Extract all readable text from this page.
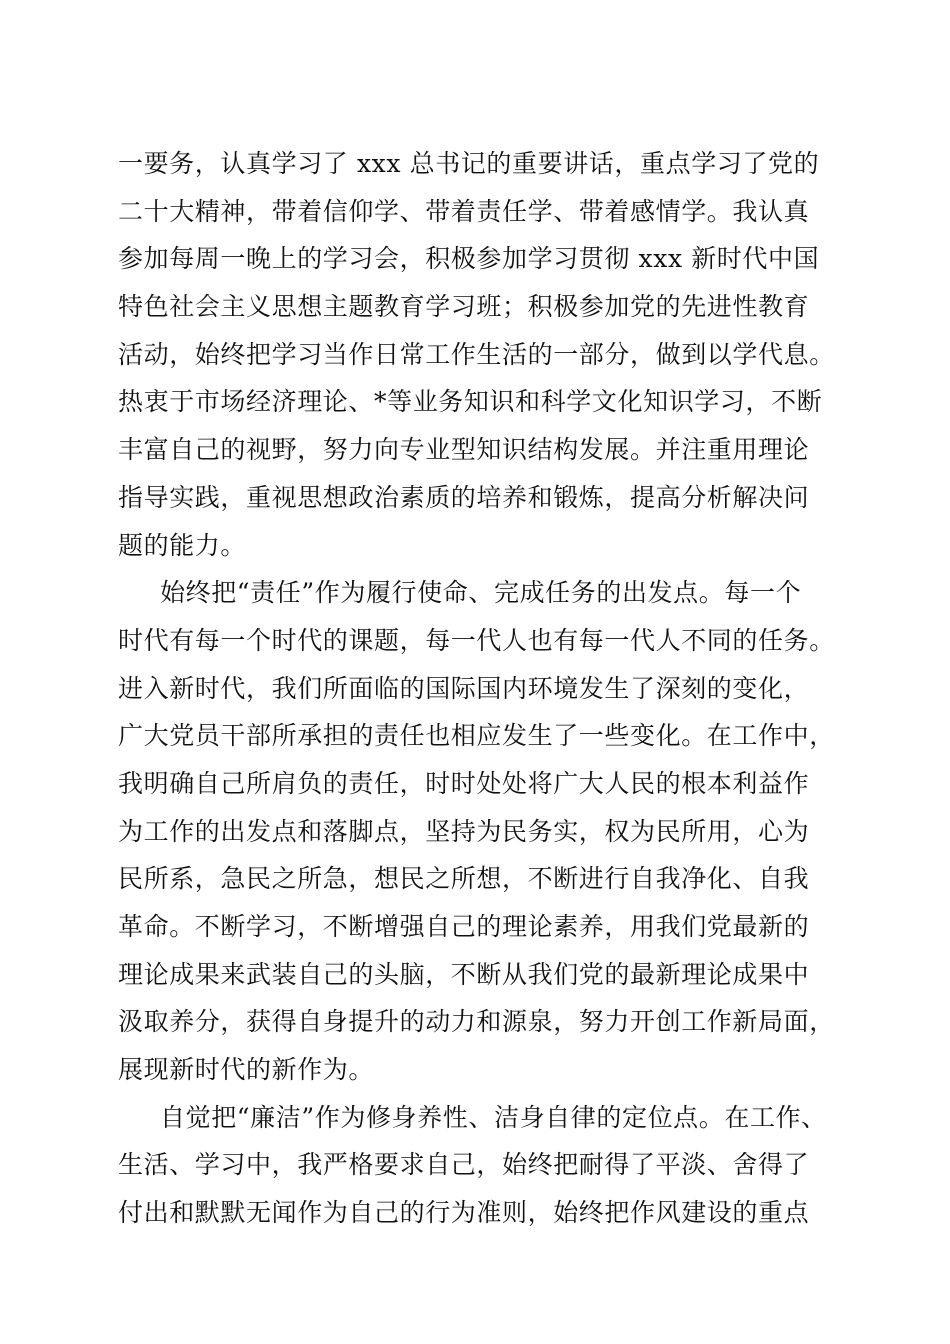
一要务，认真学习了 xxx 总书记的重要讲话，重点学习了党的
二十大精神，带着信仰学、带着责任学、带着感情学。我认真
参加每周一晚上的学习会，积极参加学习贯彻 xxx 新时代中国
特色社会主义思想主题教育学习班；积极参加党的先进性教育
活动，始终把学习当作日常工作生活的一部分，做到以学代息。
热衷于市场经济理论、*等业务知识和科学文化知识学习，不断
丰富自己的视野，努力向专业型知识结构发展。并注重用理论
指导实践，重视思想政治素质的培养和锻炼，提高分析解决问
题的能力。
始终把“责任”作为履行使命、完成任务的出发点。每一个
时代有每一个时代的课题，每一代人也有每一代人不同的任务。
进入新时代，我们所面临的国际国内环境发生了深刻的变化，
广大党员干部所承担的责任也相应发生了一些变化。在工作中，
我明确自己所肩负的责任，时时处处将广大人民的根本利益作
为工作的出发点和落脚点，坚持为民务实，权为民所用，心为
民所系，急民之所急，想民之所想，不断进行自我净化、自我
革命。不断学习，不断增强自己的理论素养，用我们党最新的
理论成果来武装自己的头脑，不断从我们党的最新理论成果中
汲取养分，获得自身提升的动力和源泉，努力开创工作新局面，
展现新时代的新作为。
自觉把“廉洁”作为修身养性、洁身自律的定位点。在工作、
生活、学习中，我严格要求自己，始终把耐得了平淡、舍得了
付出和默默无闻作为自己的行为准则，始终把作风建设的重点
